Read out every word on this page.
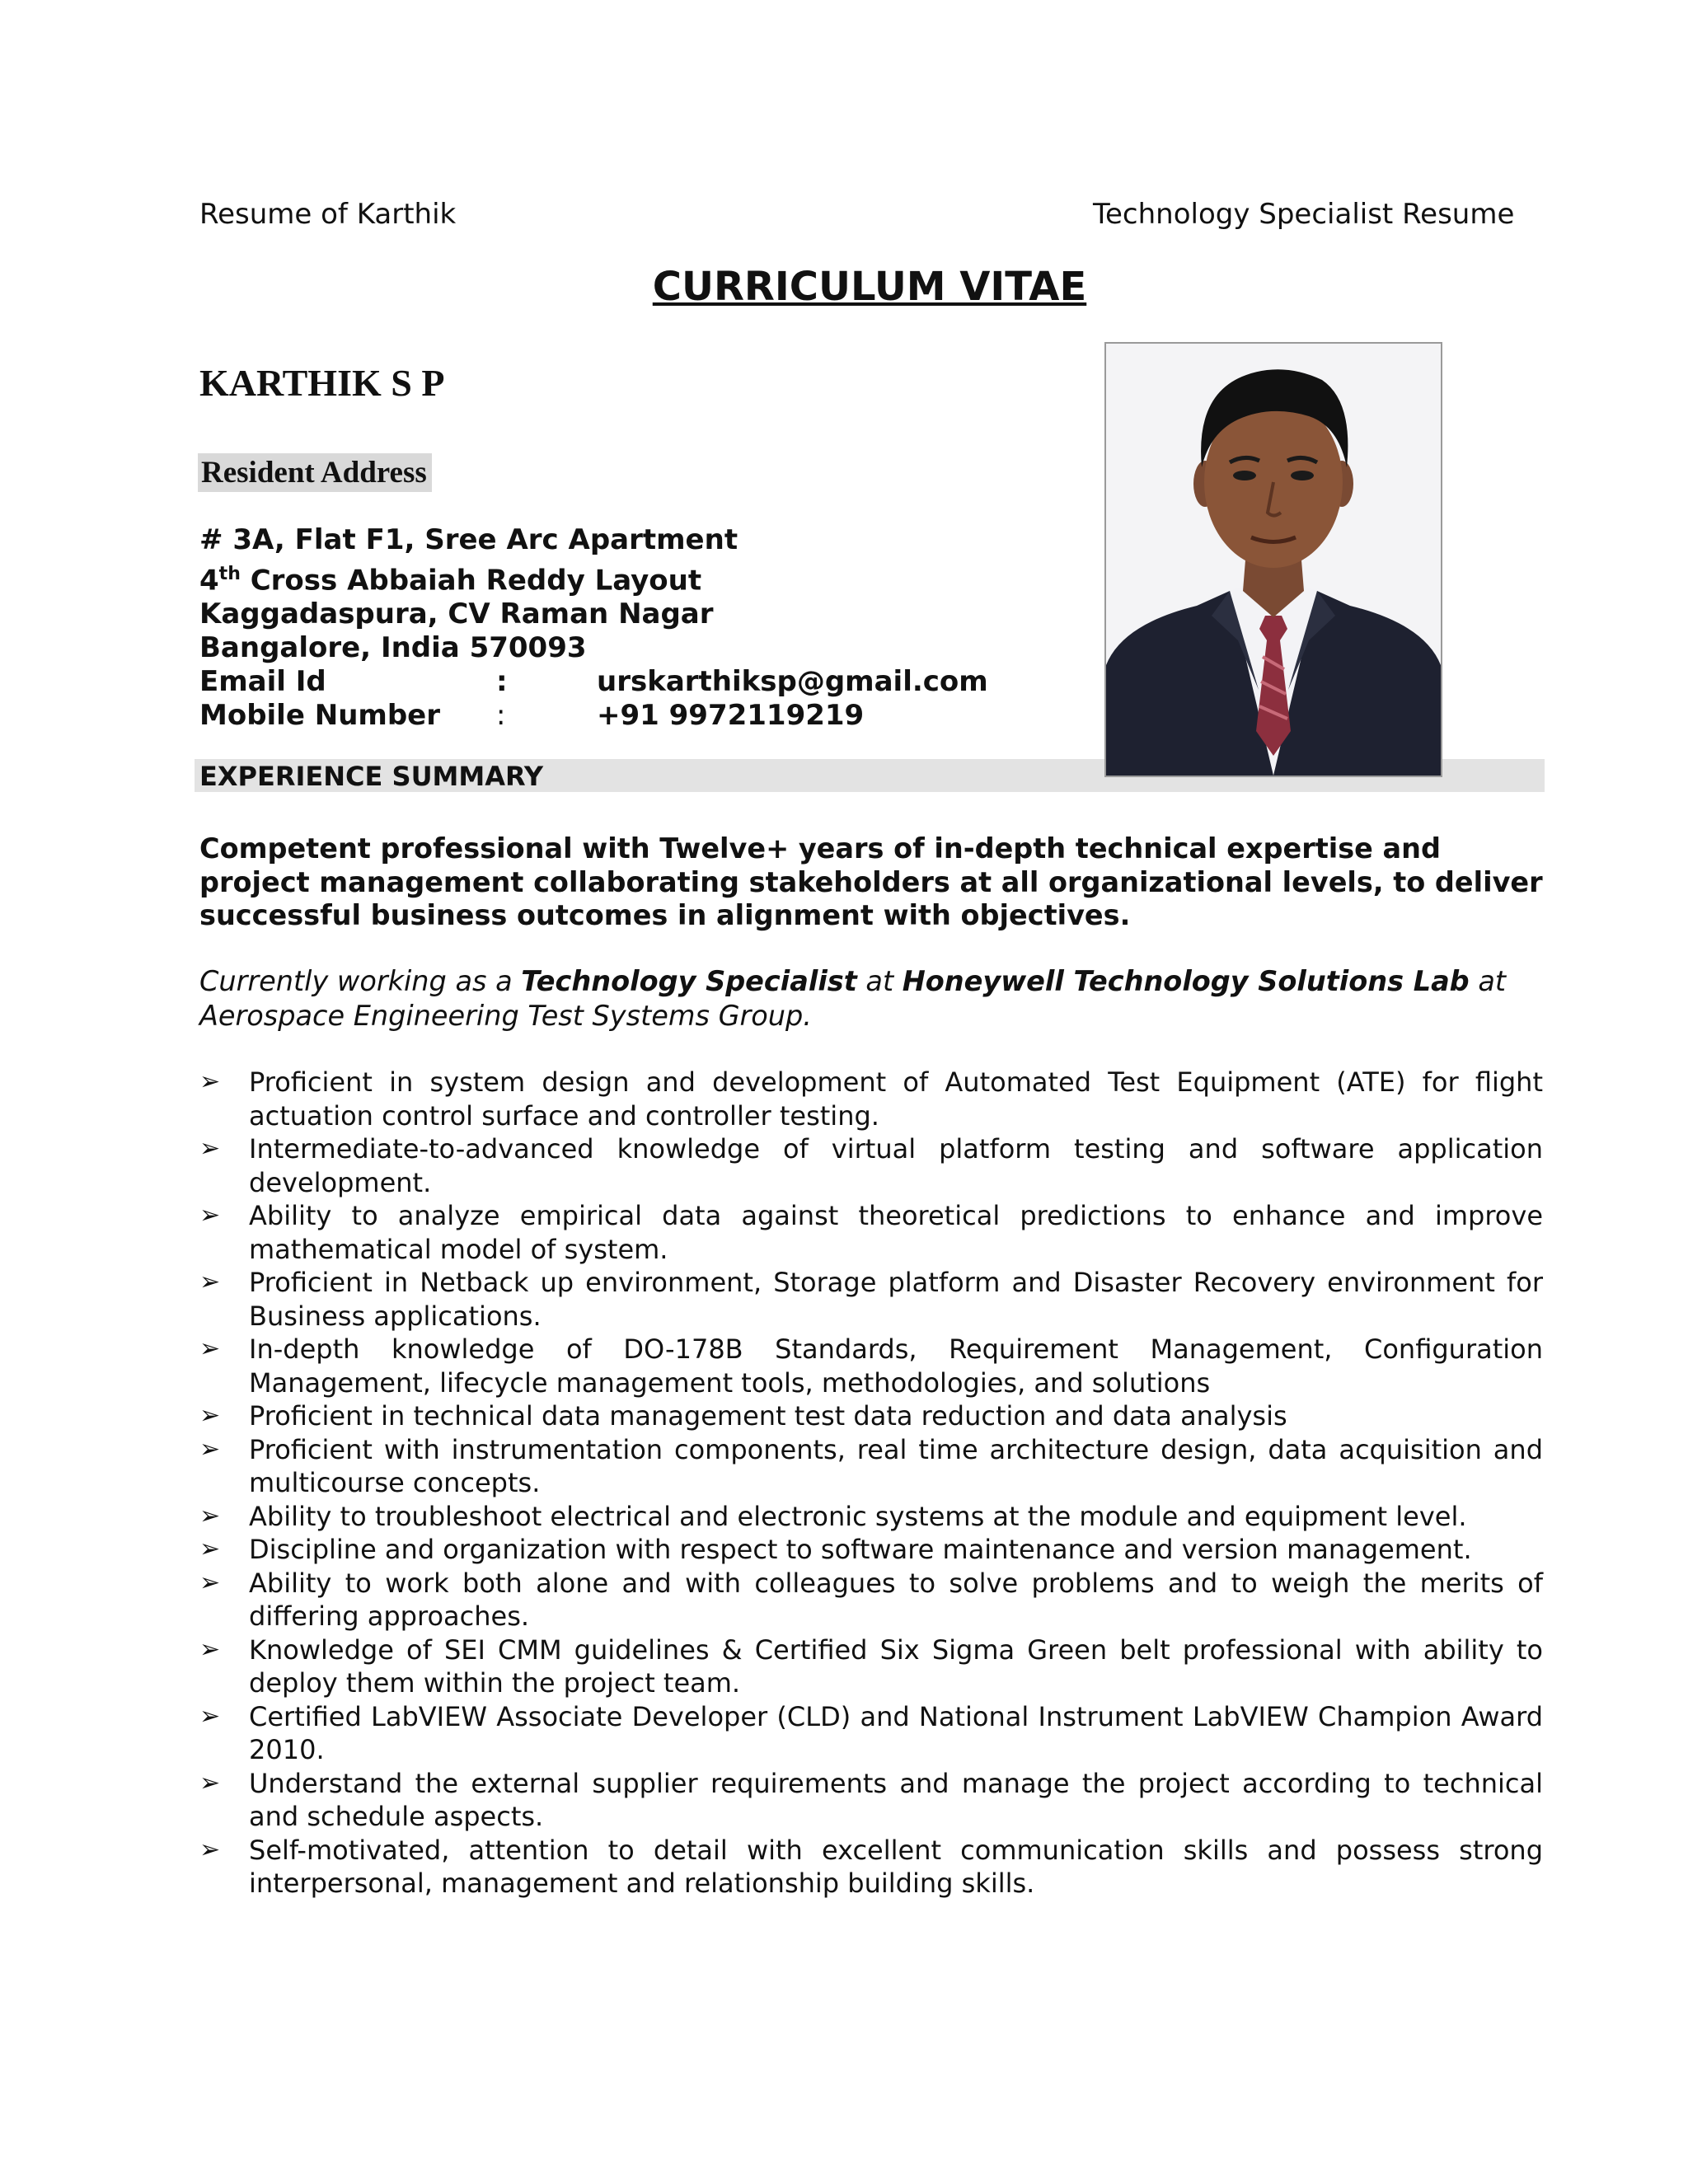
Resume of Karthik	Technology Specialist Resume
CURRICULUM VITAE
KARTHIK S P
Resident Address
# 3A, Flat F1, Sree Arc Apartment
4th Cross Abbaiah Reddy Layout
Kaggadaspura, CV Raman Nagar
Bangalore, India 570093
Email Id	:	urskarthiksp@gmail.com
Mobile Number :	+91 9972119219
EXPERIENCE SUMMARY
Competent professional with Twelve+ years of in-depth technical expertise and project management collaborating stakeholders at all organizational levels, to deliver successful business outcomes in alignment with objectives.
Currently working as a Technology Specialist at Honeywell Technology Solutions Lab at Aerospace Engineering Test Systems Group.
➢ Proficient in system design and development of Automated Test Equipment (ATE) for flight actuation control surface and controller testing.
➢ Intermediate-to-advanced knowledge of virtual platform testing and software application development.
➢ Ability to analyze empirical data against theoretical predictions to enhance and improve mathematical model of system.
➢ Proficient in Netback up environment, Storage platform and Disaster Recovery environment for Business applications.
➢ In-depth knowledge of DO-178B Standards, Requirement Management, Configuration Management, lifecycle management tools, methodologies, and solutions
➢ Proficient in technical data management test data reduction and data analysis
➢ Proficient with instrumentation components, real time architecture design, data acquisition and multicourse concepts.
➢ Ability to troubleshoot electrical and electronic systems at the module and equipment level.
➢ Discipline and organization with respect to software maintenance and version management.
➢ Ability to work both alone and with colleagues to solve problems and to weigh the merits of differing approaches.
➢ Knowledge of SEI CMM guidelines & Certified Six Sigma Green belt professional with ability to deploy them within the project team.
➢ Certified LabVIEW Associate Developer (CLD) and National Instrument LabVIEW Champion Award 2010.
➢ Understand the external supplier requirements and manage the project according to technical and schedule aspects.
➢ Self-motivated, attention to detail with excellent communication skills and possess strong interpersonal, management and relationship building skills.
